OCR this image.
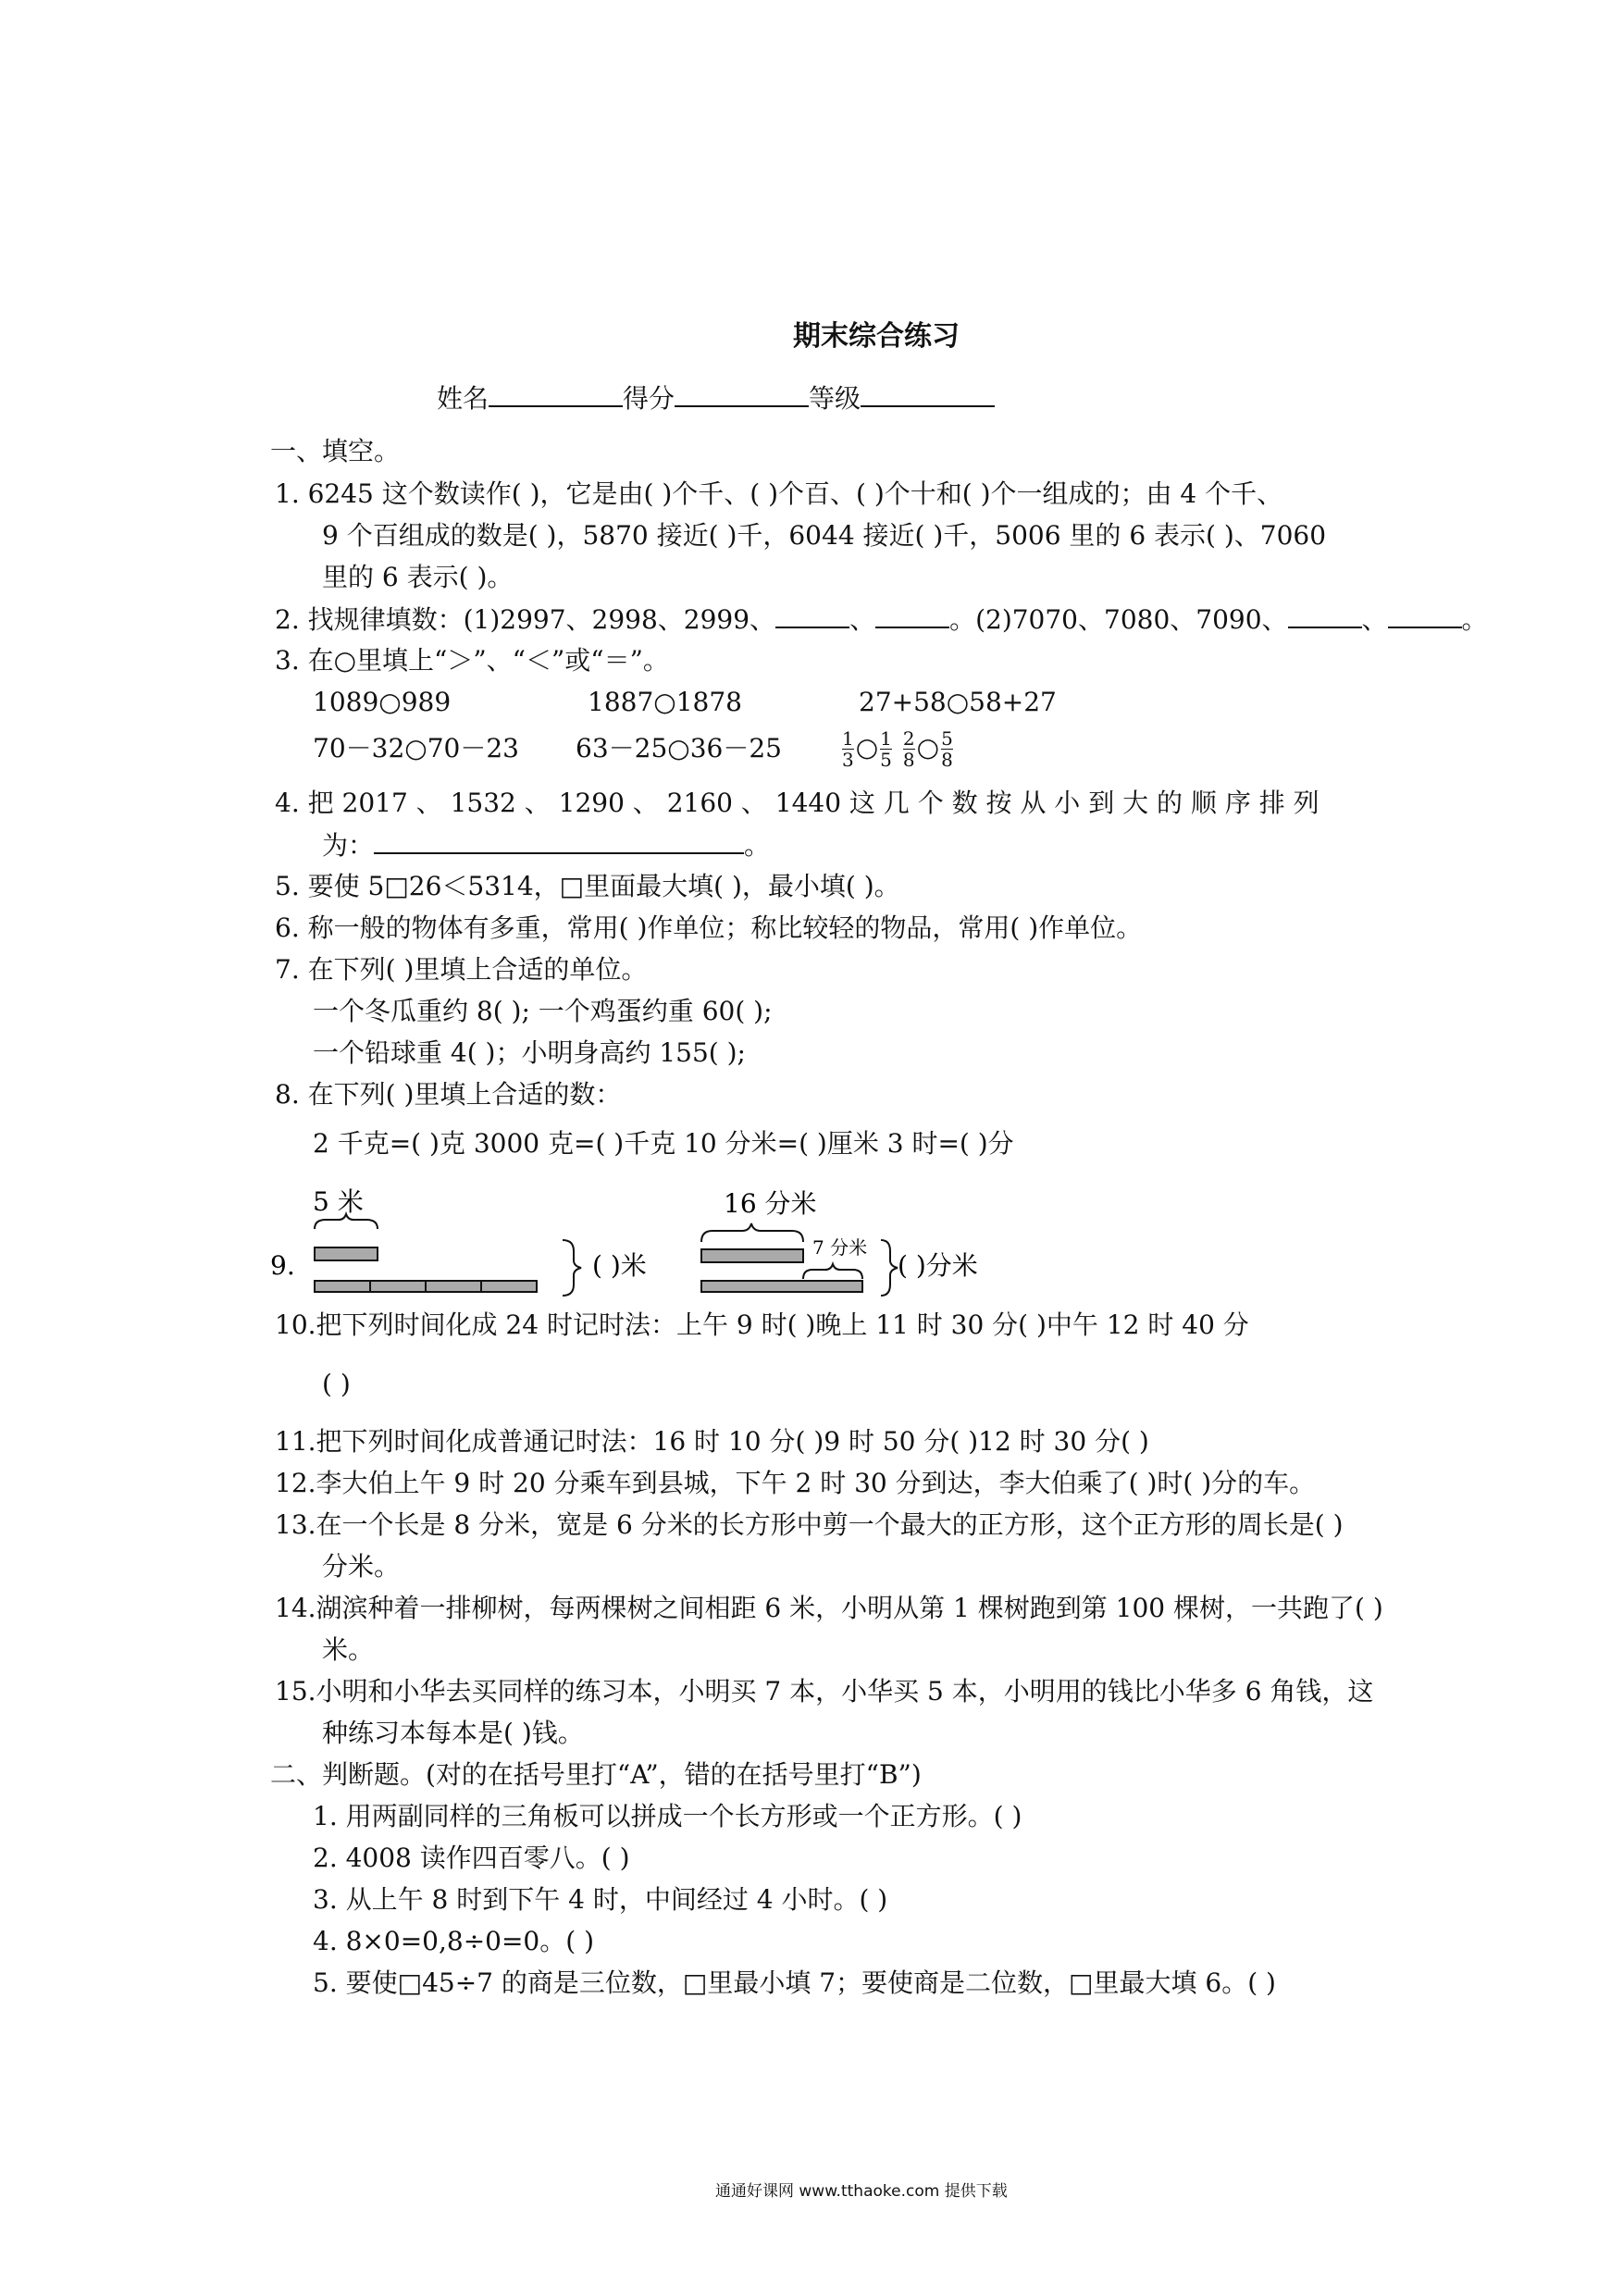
期末综合练习
姓名	得分	等级
一、填空。
1. 6245 这个数读作( )，它是由( )个千、( )个百、( )个十和( )个一组成的；由 4 个千、
9 个百组成的数是( )，5870 接近( )千，6044 接近( )千，5006 里的 6 表示( )、7060
里的 6 表示( )。
2. 找规律填数：(1)2997、2998、2999、	、	。(2)7070、7080、7090、	、	。
3. 在○里填上“＞”、“＜”或“＝”。
1089○989	1887○1878	27+58○58+27
70－32○70－23 63－25○36－25	$\frac{1}{3}$ ○ $\frac{1}{5} \frac{2}{8}$ ○ $\frac{5}{8}$
4. 把 2017 、 1532 、 1290 、 2160 、 1440 这 几 个 数 按 从 小 到 大 的 顺 序 排 列
为：	。
5. 要使 5□26＜5314，□里面最大填( )，最小填( )。
6. 称一般的物体有多重，常用( )作单位；称比较轻的物品，常用( )作单位。
7. 在下列( )里填上合适的单位。
一个冬瓜重约 8( ); 一个鸡蛋约重 60( );
一个铅球重 4( )；小明身高约 155( );
8. 在下列( )里填上合适的数：
2 千克=( )克 3000 克=( )千克 10 分米=( )厘米 3 时=( )分
9.
5 米
( )米
16 分米
7 分米
( )分米
10.把下列时间化成 24 时记时法：上午 9 时( )晚上 11 时 30 分( )中午 12 时 40 分
( )
11.把下列时间化成普通记时法：16 时 10 分( )9 时 50 分( )12 时 30 分( )
12.李大伯上午 9 时 20 分乘车到县城，下午 2 时 30 分到达，李大伯乘了( )时( )分的车。
13.在一个长是 8 分米，宽是 6 分米的长方形中剪一个最大的正方形，这个正方形的周长是( )
分米。
14.湖滨种着一排柳树，每两棵树之间相距 6 米，小明从第 1 棵树跑到第 100 棵树，一共跑了( )
米。
15.小明和小华去买同样的练习本，小明买 7 本，小华买 5 本，小明用的钱比小华多 6 角钱，这
种练习本每本是( )钱。
二、判断题。(对的在括号里打“A”，错的在括号里打“B”)
1. 用两副同样的三角板可以拼成一个长方形或一个正方形。( )
2. 4008 读作四百零八。( )
3. 从上午 8 时到下午 4 时，中间经过 4 小时。( )
4. 8×0=0,8÷0=0。( )
5. 要使□45÷7 的商是三位数，□里最小填 7；要使商是二位数，□里最大填 6。( )
通通好课网 www.tthaoke.com 提供下载
